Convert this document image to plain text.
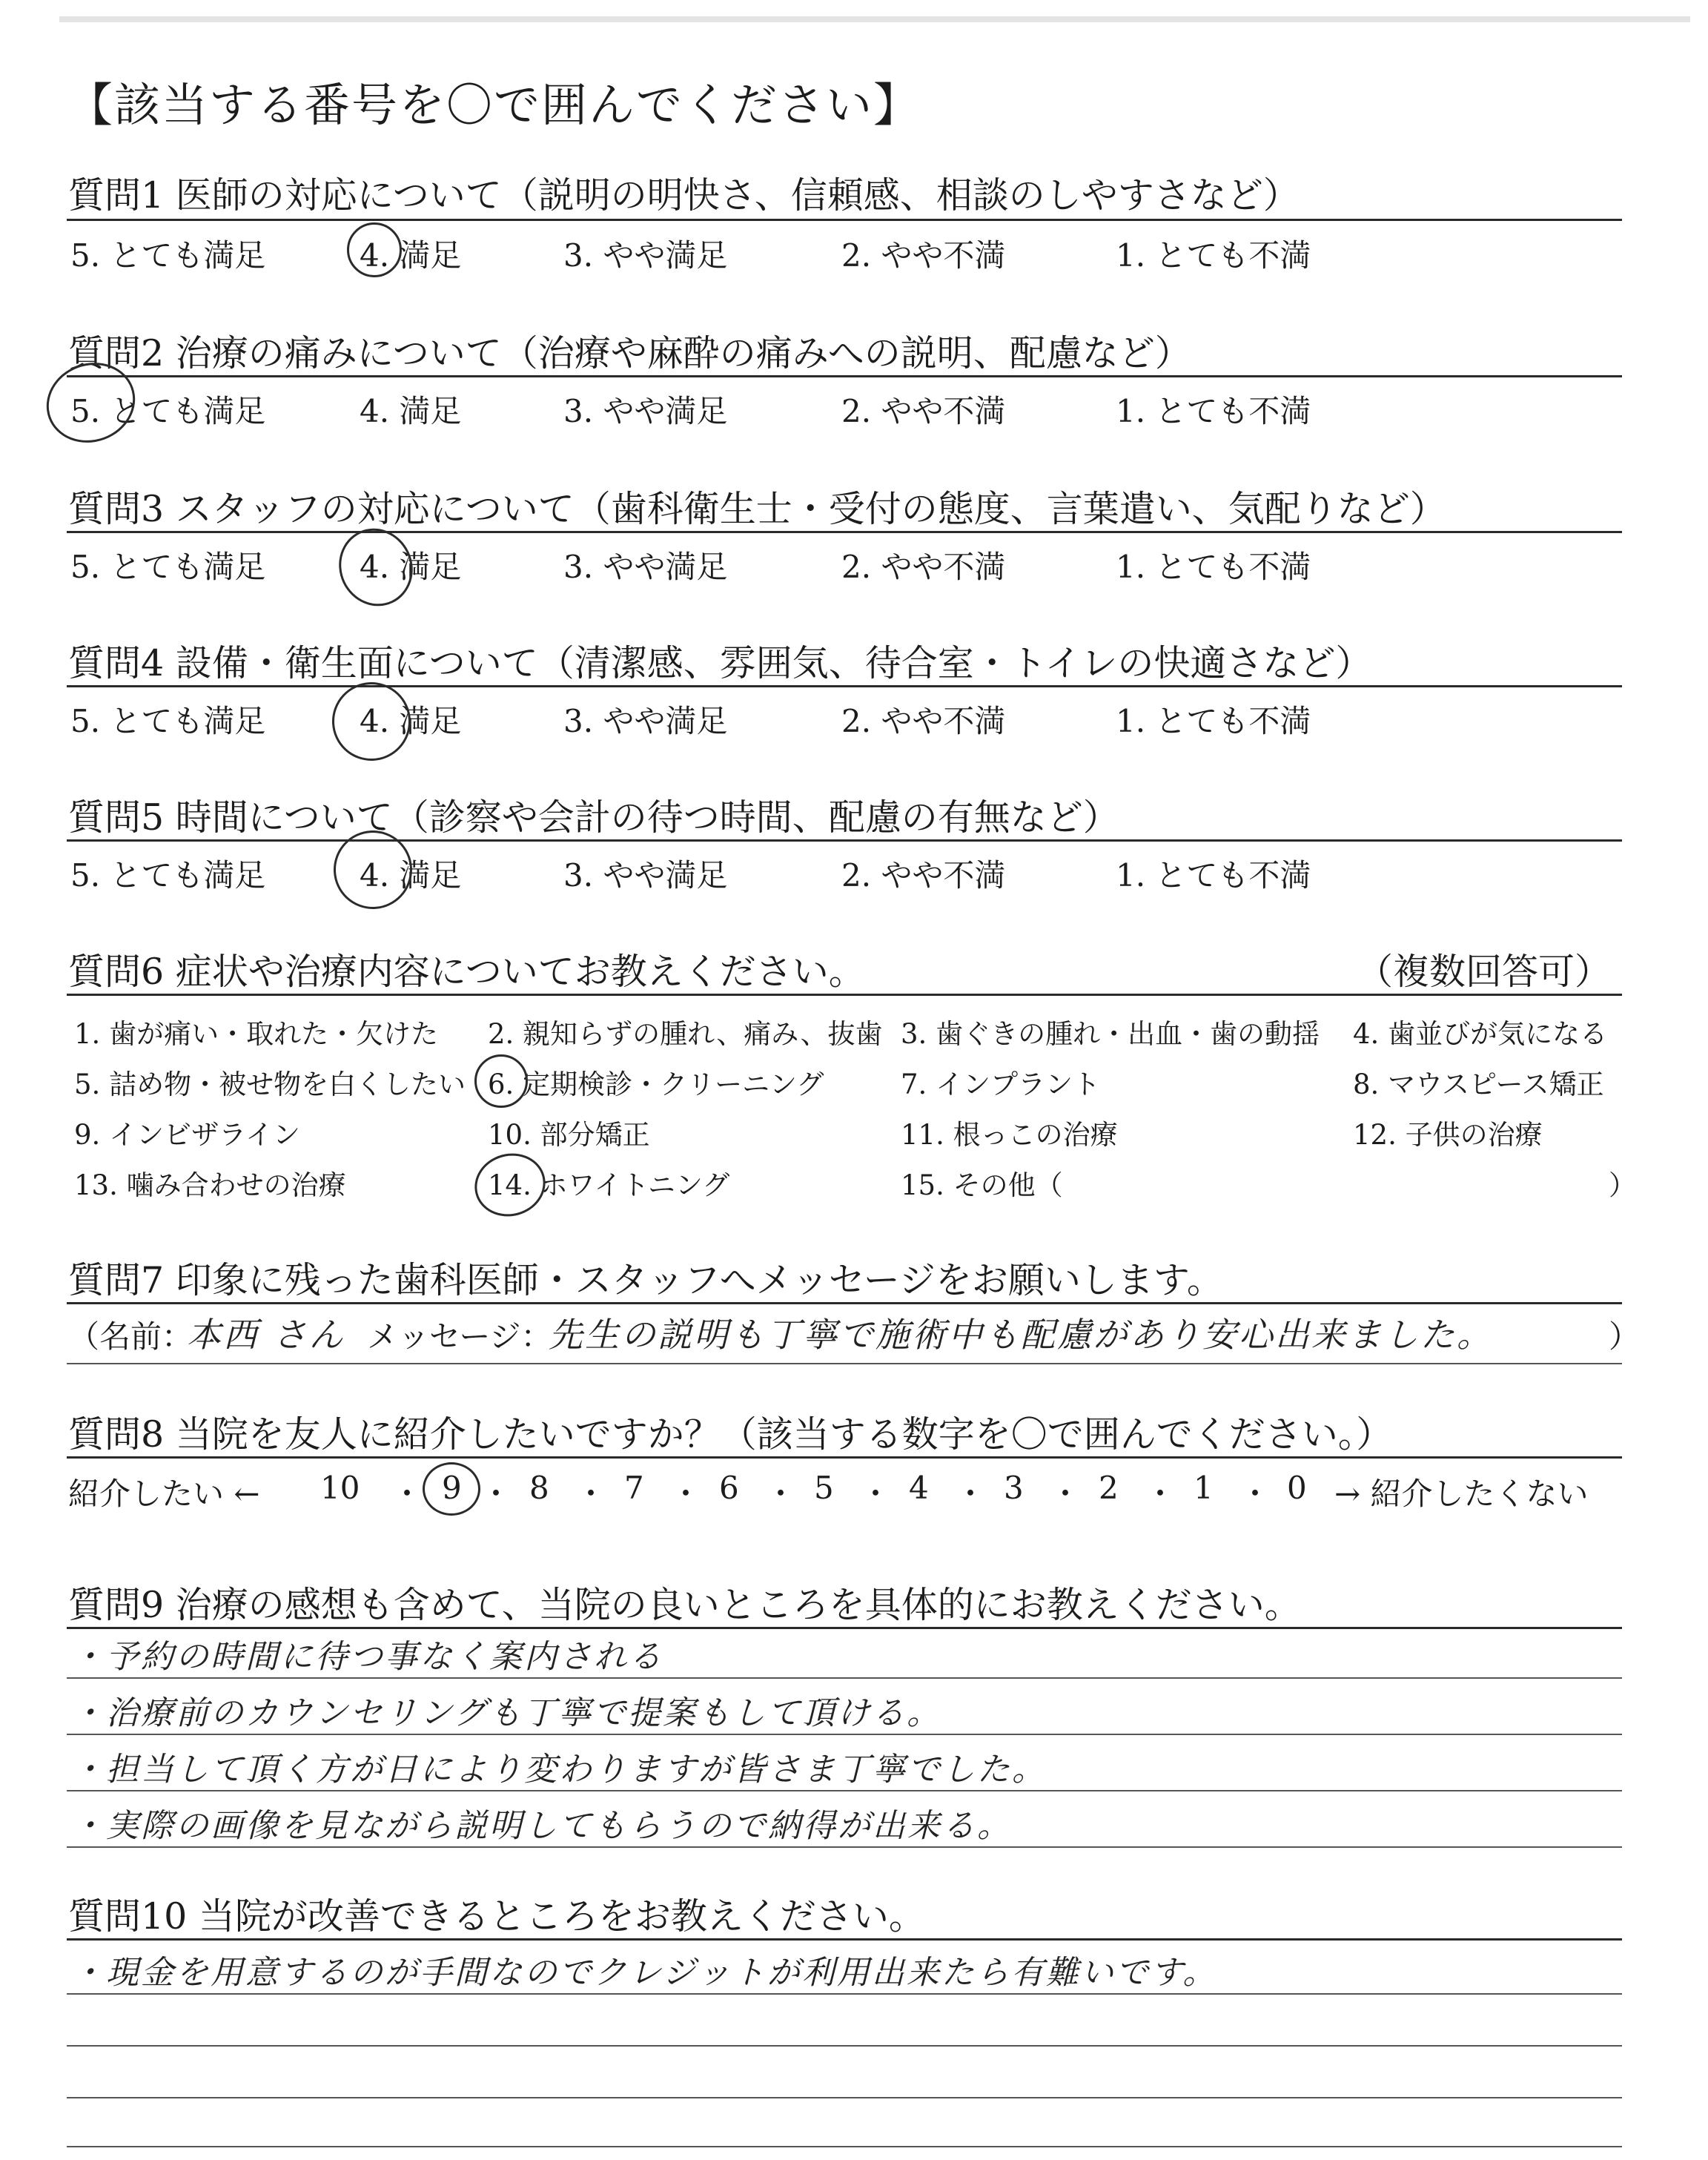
【該当する番号を〇で囲んでください】
質問1 医師の対応について（説明の明快さ、信頼感、相談のしやすさなど）
5. とても満足	4. 満足	3. やや満足	2. やや不満	1. とても不満
質問2 治療の痛みについて（治療や麻酔の痛みへの説明、配慮など）
5. とても満足	4. 満足	3. やや満足	2. やや不満	1. とても不満
質問3 スタッフの対応について（歯科衛生士・受付の態度、言葉遣い、気配りなど）
5. とても満足	4. 満足	3. やや満足	2. やや不満	1. とても不満
質問4 設備・衛生面について（清潔感、雰囲気、待合室・トイレの快適さなど）
5. とても満足	4. 満足	3. やや満足	2. やや不満	1. とても不満
質問5 時間について（診察や会計の待つ時間、配慮の有無など）
5. とても満足	4. 満足	3. やや満足	2. やや不満	1. とても不満
質問6 症状や治療内容についてお教えください。	（複数回答可）
1. 歯が痛い・取れた・欠けた 2. 親知らずの腫れ、痛み、抜歯 3. 歯ぐきの腫れ・出血・歯の動揺 4. 歯並びが気になる
5. 詰め物・被せ物を白くしたい 6. 定期検診・クリーニング	7. インプラント	8. マウスピース矯正
9. インビザライン	10. 部分矯正	11. 根っこの治療	12. 子供の治療
13. 噛み合わせの治療	14. ホワイトニング	15. その他（	）
質問7 印象に残った歯科医師・スタッフへメッセージをお願いします。
（名前：
本西 さん メッセージ：
先生の説明も丁寧で施術中も配慮があり安心出来ました。	）
質問8 当院を友人に紹介したいですか？（該当する数字を〇で囲んでください。）
紹介したい ← 10 ・ 9 ・ 8 ・ 7 ・ 6 ・ 5 ・ 4 ・ 3 ・ 2 ・ 1 ・ 0 → 紹介したくない
質問9 治療の感想も含めて、当院の良いところを具体的にお教えください。
・予約の時間に待つ事なく案内される
・治療前のカウンセリングも丁寧で提案もして頂ける。
・担当して頂く方が日により変わりますが皆さま丁寧でした。
・実際の画像を見ながら説明してもらうので納得が出来る。
質問10 当院が改善できるところをお教えください。
・現金を用意するのが手間なのでクレジットが利用出来たら有難いです。
